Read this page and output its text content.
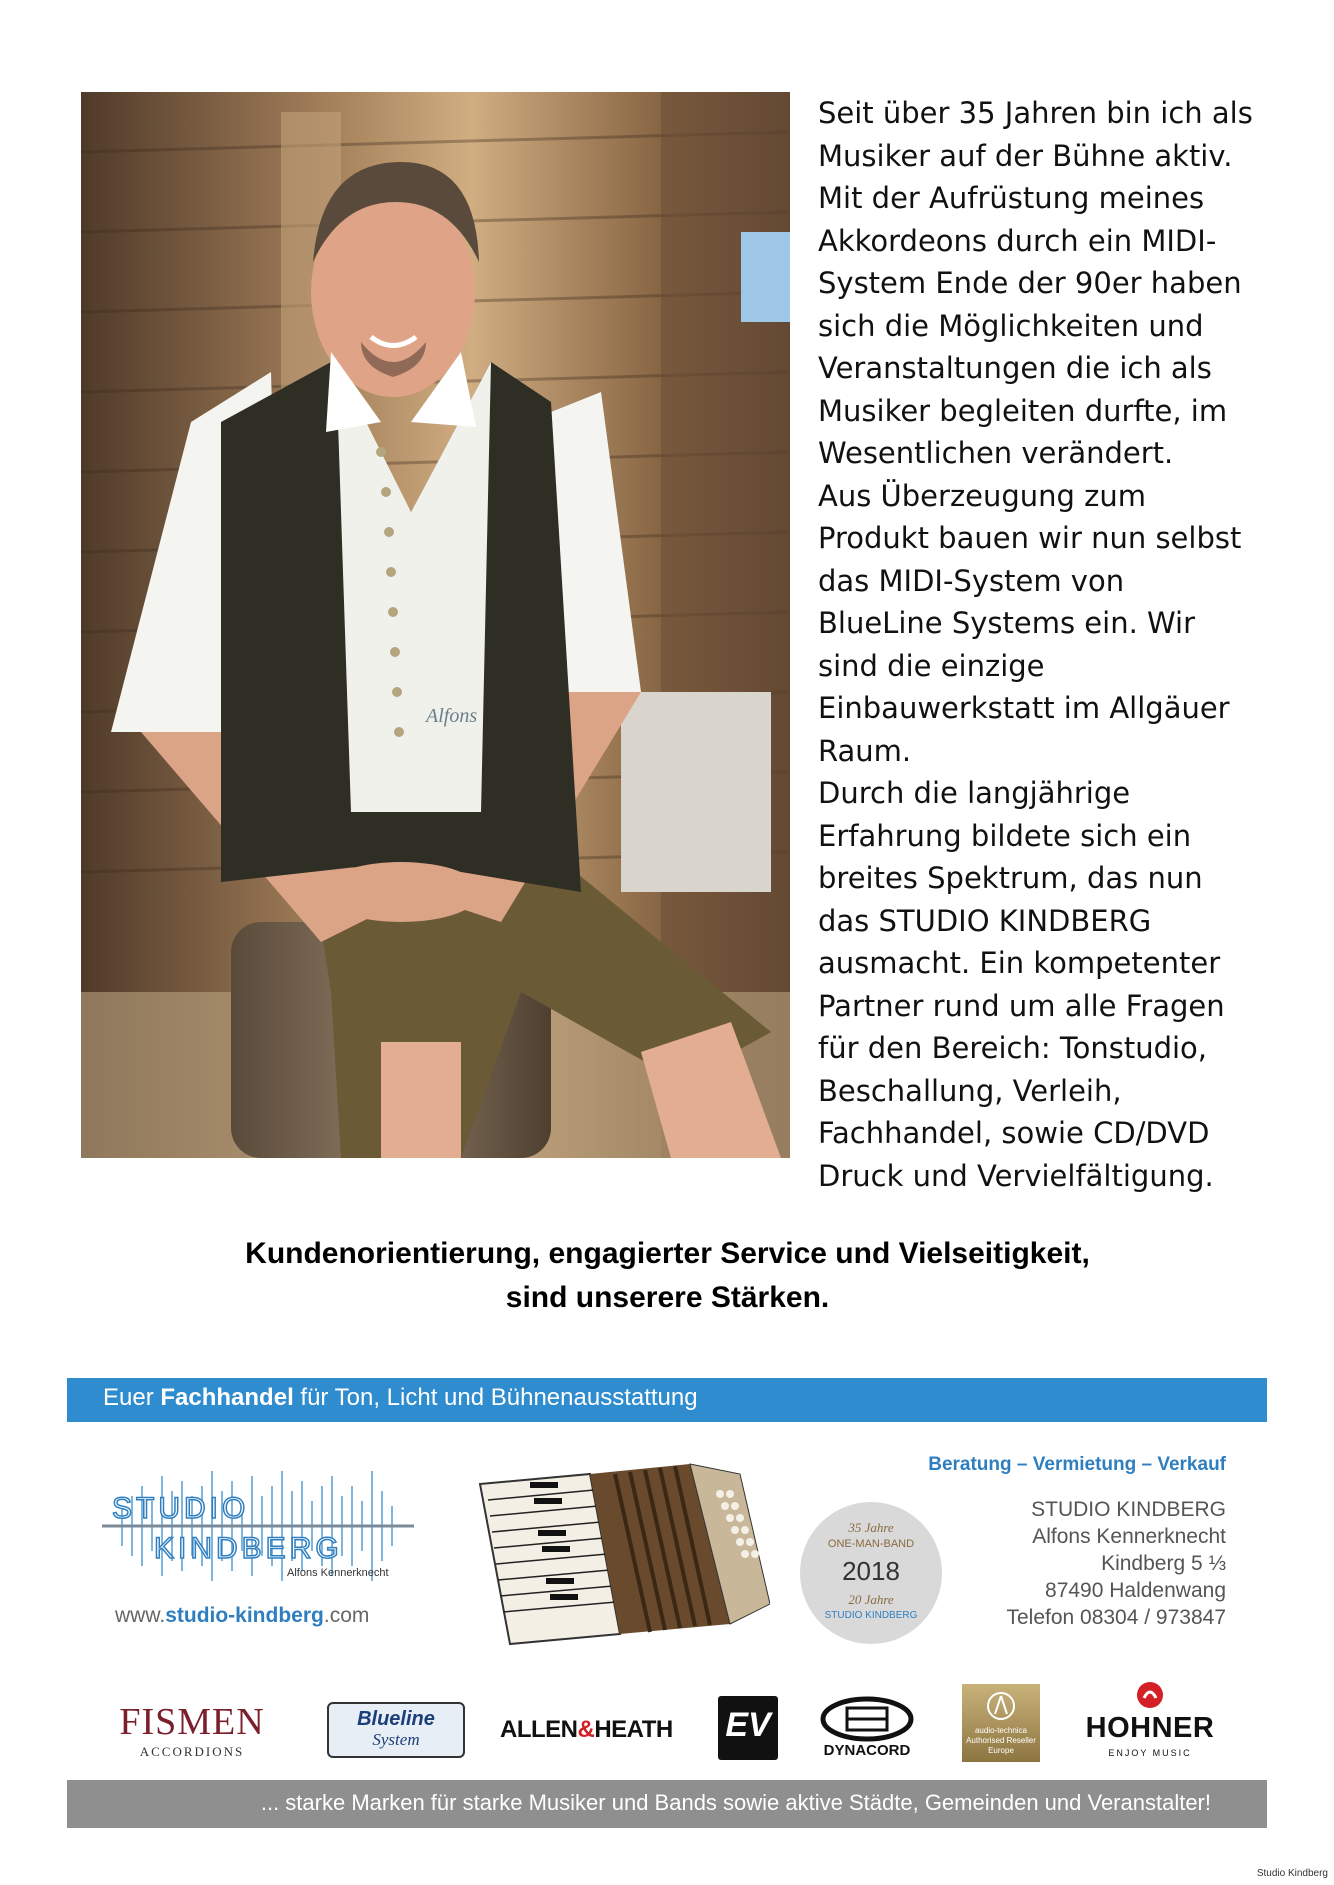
Alfons
Seit über 35 Jahren bin ich als
Musiker auf der Bühne aktiv.
Mit der Aufrüstung meines
Akkordeons durch ein MIDI-
System Ende der 90er haben
sich die Möglichkeiten und
Veranstaltungen die ich als
Musiker begleiten durfte, im
Wesentlichen verändert.
Aus Überzeugung zum
Produkt bauen wir nun selbst
das MIDI-System von
BlueLine Systems ein. Wir
sind die einzige
Einbauwerkstatt im Allgäuer
Raum.
Durch die langjährige
Erfahrung bildete sich ein
breites Spektrum, das nun
das STUDIO KINDBERG
ausmacht. Ein kompetenter
Partner rund um alle Fragen
für den Bereich: Tonstudio,
Beschallung, Verleih,
Fachhandel, sowie CD/DVD
Druck und Vervielfältigung.
Kundenorientierung, engagierter Service und Vielseitigkeit,
sind unserere Stärken.
Euer Fachhandel für Ton, Licht und Bühnenausstattung
STUDIO
KINDBERG
Alfons Kennerknecht
www.studio-kindberg.com
35 Jahre
ONE-MAN-BAND
2018
20 Jahre
STUDIO KINDBERG
Beratung – Vermietung – Verkauf
STUDIO KINDBERG
Alfons Kennerknecht
Kindberg 5 ⅓
87490 Haldenwang
Telefon 08304 / 973847
FISMEN
ACCORDIONS
Blueline
System	ALLEN&HEATH EV
DYNACORD
audio-technica
Authorised Reseller
Europe
HOHNER
ENJOY MUSIC
... starke Marken für starke Musiker und Bands sowie aktive Städte, Gemeinden und Veranstalter!
Studio Kindberg
